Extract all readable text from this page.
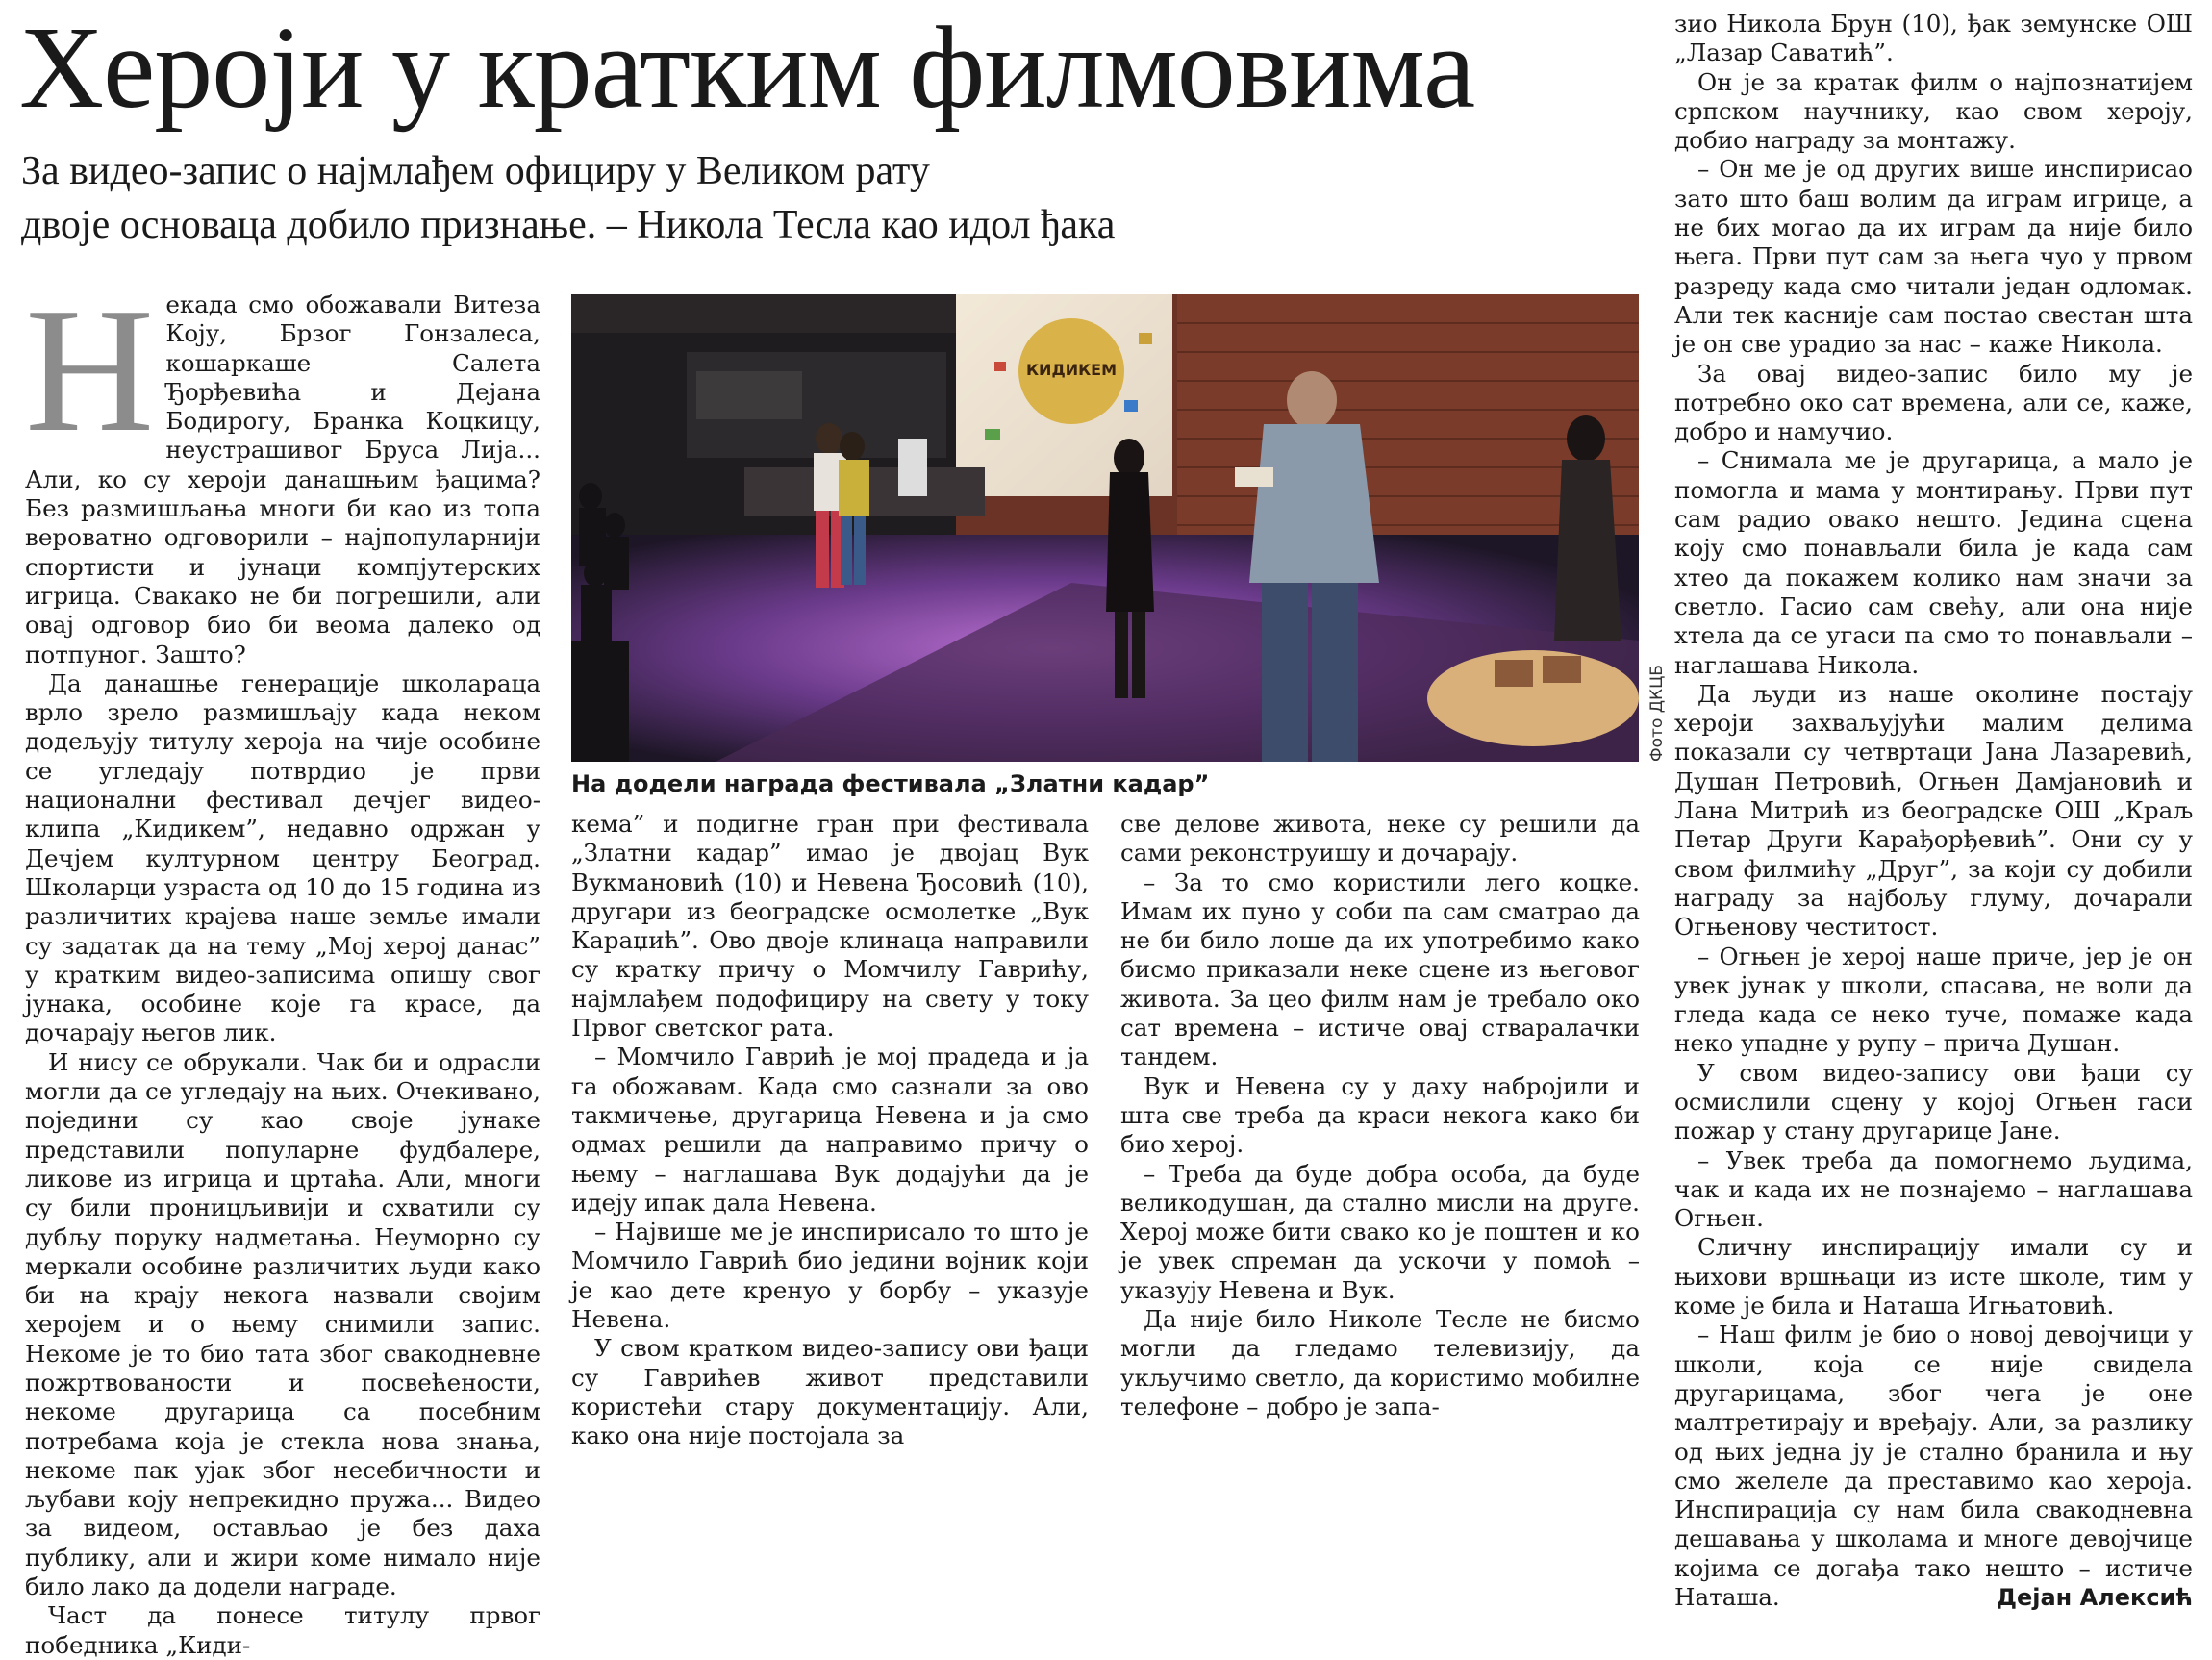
Хероји у кратким филмовима
За видео-запис о најмлађем официру у Великом рату
двоје основаца добило признање. – Никола Тесла као идол ђака

Некада смо обожавали Витеза Коју, Брзог Гонзалеса, кошаркаше Салета Ђорђевића и Дејана Бодирогу, Бранка Коцкицу, неустрашивог Бруса Лија... Али, ко су хероји данашњим ђацима? Без размишљања многи би као из топа вероватно одговорили – најпопуларнији спортисти и јунаци компјутерских игрица. Свакако не би погрешили, али овај одговор био би веома далеко од потпуног. Зашто?

Да данашње генерације школараца врло зрело размишљају када неком додељују титулу хероја на чије особине се угледају потврдио је први национални фестивал дечјег видео-клипа „Кидикем”, недавно одржан у Дечјем културном центру Београд. Школарци узраста од 10 до 15 година из различитих крајева наше земље имали су задатак да на тему „Мој херој данас” у кратким видео-записима опишу свог јунака, особине које га красе, да дочарају његов лик.

И нису се обрукали. Чак би и одрасли могли да се угледају на њих. Очекивано, поједини су као своје јунаке представили популарне фудбалере, ликове из игрица и цртаћа. Али, многи су били проницљивији и схватили су дубљу поруку надметања. Неуморно су меркали особине различитих људи како би на крају некога назвали својим херојем и о њему снимили запис. Некоме је то био тата због свакодневне пожртвованости и посвећености, некоме другарица са посебним потребама која је стекла нова знања, некоме пак ујак због несебичности и љубави коју непрекидно пружа... Видео за видеом, остављао је без даха публику, али и жири коме нимало није било лако да додели награде.

Част да понесе титулу првог победника „Киди-

КИДИКЕМ
На додели награда фестивала „Златни кадар”
Фото ДКЦБ

кема” и подигне гран при фестивала „Златни кадар” имао је двојац Вук Вукмановић (10) и Невена Ђосовић (10), другари из београдске осмолетке „Вук Караџић”. Ово двоје клинаца направили су кратку причу о Момчилу Гаврићу, најмлађем подофициру на свету у току Првог светског рата.

– Момчило Гаврић је мој прадеда и ја га обожавам. Када смо сазнали за ово такмичење, другарица Невена и ја смо одмах решили да направимо причу о њему – наглашава Вук додајући да је идеју ипак дала Невена.

– Највише ме је инспирисало то што је Момчило Гаврић био једини војник који је као дете кренуо у борбу – указује Невена.

У свом кратком видео-запису ови ђаци су Гаврићев живот представили користећи стару документацију. Али, како она није постојала за

све делове живота, неке су решили да сами реконструишу и дочарају.

– За то смо користили лего коцке. Имам их пуно у соби па сам сматрао да не би било лоше да их употребимо како бисмо приказали неке сцене из његовог живота. За цео филм нам је требало око сат времена – истиче овај стваралачки тандем.

Вук и Невена су у даху набројили и шта све треба да краси некога како би био херој.

– Треба да буде добра особа, да буде великодушан, да стално мисли на друге. Херој може бити свако ко је поштен и ко је увек спреман да ускочи у помоћ – указују Невена и Вук.

Да није било Николе Тесле не бисмо могли да гледамо телевизију, да укључимо светло, да користимо мобилне телефоне – добро је запа-

зио Никола Брун (10), ђак земунске ОШ „Лазар Саватић”.

Он је за кратак филм о најпознатијем српском научнику, као свом хероју, добио награду за монтажу.

– Он ме је од других више инспирисао зато што баш волим да играм игрице, а не бих могао да их играм да није било њега. Први пут сам за њега чуо у првом разреду када смо читали један одломак. Али тек касније сам постао свестан шта је он све урадио за нас – каже Никола.

За овај видео-запис било му је потребно око сат времена, али се, каже, добро и намучио.

– Снимала ме је другарица, а мало је помогла и мама у монтирању. Први пут сам радио овако нешто. Једина сцена коју смо понављали била је када сам хтео да покажем колико нам значи за светло. Гасио сам свећу, али она није хтела да се угаси па смо то понављали – наглашава Никола.

Да људи из наше околине постају хероји захваљујући малим делима показали су четвртаци Јана Лазаревић, Душан Петровић, Огњен Дамјановић и Лана Митрић из београдске ОШ „Краљ Петар Други Карађорђевић”. Они су у свом филмићу „Друг”, за који су добили награду за најбољу глуму, дочарали Огњенову честитост.

– Огњен је херој наше приче, јер је он увек јунак у школи, спасава, не воли да гледа када се неко туче, помаже када неко упадне у рупу – прича Душан.

У свом видео-запису ови ђаци су осмислили сцену у којој Огњен гаси пожар у стану другарице Јане.

– Увек треба да помогнемо људима, чак и када их не познајемо – наглашава Огњен.

Сличну инспирацију имали су и њихови вршњаци из исте школе, тим у коме је била и Наташа Игњатовић.

– Наш филм је био о новој девојчици у школи, која се није свидела другарицама, због чега је оне малтретирају и вређају. Али, за разлику од њих једна ју је стално бранила и њу смо желеле да преставимо као хероја. Инспирација су нам била свакодневна дешавања у школама и многе девојчице којима се догађа тако нешто – истиче Наташа.	Дејан Алексић
